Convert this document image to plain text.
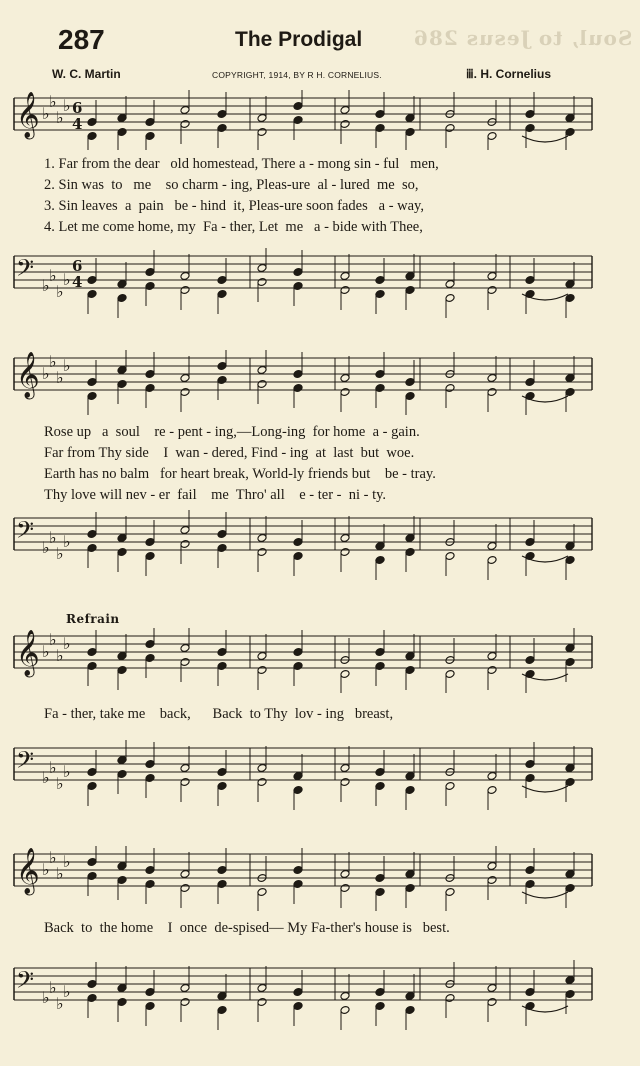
Soul, to Jesus 286
287	The Prodigal
W. C. Martin	COPYRIGHT, 1914, BY R H. CORNELIUS.	ⅲ. H. Cornelius
𝄞 ♭
♭
♭
♭ 6
4
1. Far from the dear   old homestead, There a - mong sin - ful   men,
2. Sin was  to   me    so charm - ing, Pleas-ure  al - lured  me  so,
3. Sin leaves  a  pain   be - hind  it, Pleas-ure soon fades   a - way,
4. Let me come home, my  Fa - ther, Let  me   a - bide with Thee,
𝄢 ♭
♭
♭
♭
6
4
𝄞 ♭
♭
♭
♭
Rose up   a  soul    re - pent - ing,—Long-ing  for home  a - gain.
Far from Thy side    I  wan - dered, Find - ing  at  last  but  woe.
Earth has no balm   for heart break, World-ly friends but    be - tray.
Thy love will nev - er  fail    me  Thro' all    e - ter -  ni - ty.
𝄢 ♭
♭
♭
♭
Refrain
𝄞 ♭
♭
♭
♭
Fa - ther, take me    back,      Back  to Thy  lov - ing   breast,
𝄢 ♭
♭
♭
♭
𝄞 ♭
♭
♭
♭
Back  to  the home    I  once  de-spised— My Fa-ther's house is   best.
𝄢 ♭
♭
♭
♭
